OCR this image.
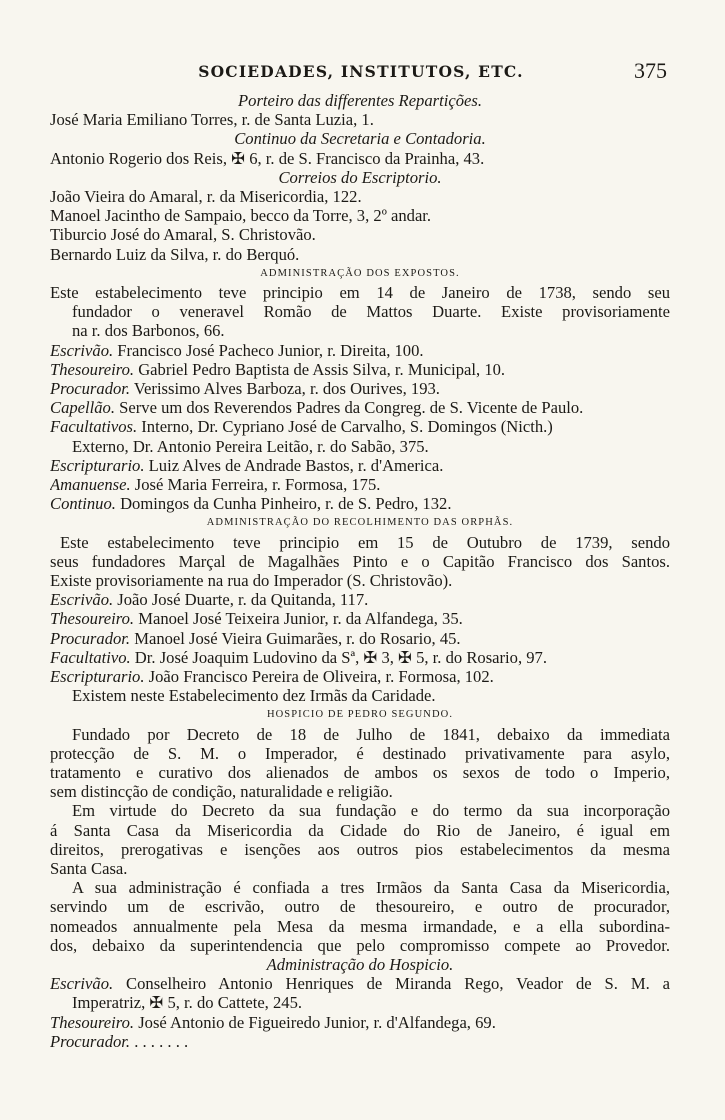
SOCIEDADES, INSTITUTOS, ETC.	375
Porteiro das differentes Repartições.
José Maria Emiliano Torres, r. de Santa Luzia, 1.
Continuo da Secretaria e Contadoria.
Antonio Rogerio dos Reis, ✠ 6, r. de S. Francisco da Prainha, 43.
Correios do Escriptorio.
João Vieira do Amaral, r. da Misericordia, 122.
Manoel Jacintho de Sampaio, becco da Torre, 3, 2º andar.
Tiburcio José do Amaral, S. Christovão.
Bernardo Luiz da Silva, r. do Berquó.
ADMINISTRAÇÃO DOS EXPOSTOS.
Este estabelecimento teve principio em 14 de Janeiro de 1738, sendo seu
fundador o veneravel Romão de Mattos Duarte. Existe provisoriamente
na r. dos Barbonos, 66.
Escrivão. Francisco José Pacheco Junior, r. Direita, 100.
Thesoureiro. Gabriel Pedro Baptista de Assis Silva, r. Municipal, 10.
Procurador. Verissimo Alves Barboza, r. dos Ourives, 193.
Capellão. Serve um dos Reverendos Padres da Congreg. de S. Vicente de Paulo.
Facultativos. Interno, Dr. Cypriano José de Carvalho, S. Domingos (Nicth.)
Externo, Dr. Antonio Pereira Leitão, r. do Sabão, 375.
Escripturario. Luiz Alves de Andrade Bastos, r. d'America.
Amanuense. José Maria Ferreira, r. Formosa, 175.
Continuo. Domingos da Cunha Pinheiro, r. de S. Pedro, 132.
ADMINISTRAÇÃO DO RECOLHIMENTO DAS ORPHÃS.
Este estabelecimento teve principio em 15 de Outubro de 1739, sendo
seus fundadores Marçal de Magalhães Pinto e o Capitão Francisco dos Santos.
Existe provisoriamente na rua do Imperador (S. Christovão).
Escrivão. João José Duarte, r. da Quitanda, 117.
Thesoureiro. Manoel José Teixeira Junior, r. da Alfandega, 35.
Procurador. Manoel José Vieira Guimarães, r. do Rosario, 45.
Facultativo. Dr. José Joaquim Ludovino da Sª, ✠ 3, ✠ 5, r. do Rosario, 97.
Escripturario. João Francisco Pereira de Oliveira, r. Formosa, 102.
Existem neste Estabelecimento dez Irmãs da Caridade.
HOSPICIO DE PEDRO SEGUNDO.
Fundado por Decreto de 18 de Julho de 1841, debaixo da immediata
protecção de S. M. o Imperador, é destinado privativamente para asylo,
tratamento e curativo dos alienados de ambos os sexos de todo o Imperio,
sem distincção de condição, naturalidade e religião.
Em virtude do Decreto da sua fundação e do termo da sua incorporação
á Santa Casa da Misericordia da Cidade do Rio de Janeiro, é igual em
direitos, prerogativas e isenções aos outros pios estabelecimentos da mesma
Santa Casa.
A sua administração é confiada a tres Irmãos da Santa Casa da Misericordia,
servindo um de escrivão, outro de thesoureiro, e outro de procurador,
nomeados annualmente pela Mesa da mesma irmandade, e a ella subordina-
dos, debaixo da superintendencia que pelo compromisso compete ao Provedor.
Administração do Hospicio.
Escrivão. Conselheiro Antonio Henriques de Miranda Rego, Veador de S. M. a
Imperatriz, ✠ 5, r. do Cattete, 245.
Thesoureiro. José Antonio de Figueiredo Junior, r. d'Alfandega, 69.
Procurador. . . . . . . .
